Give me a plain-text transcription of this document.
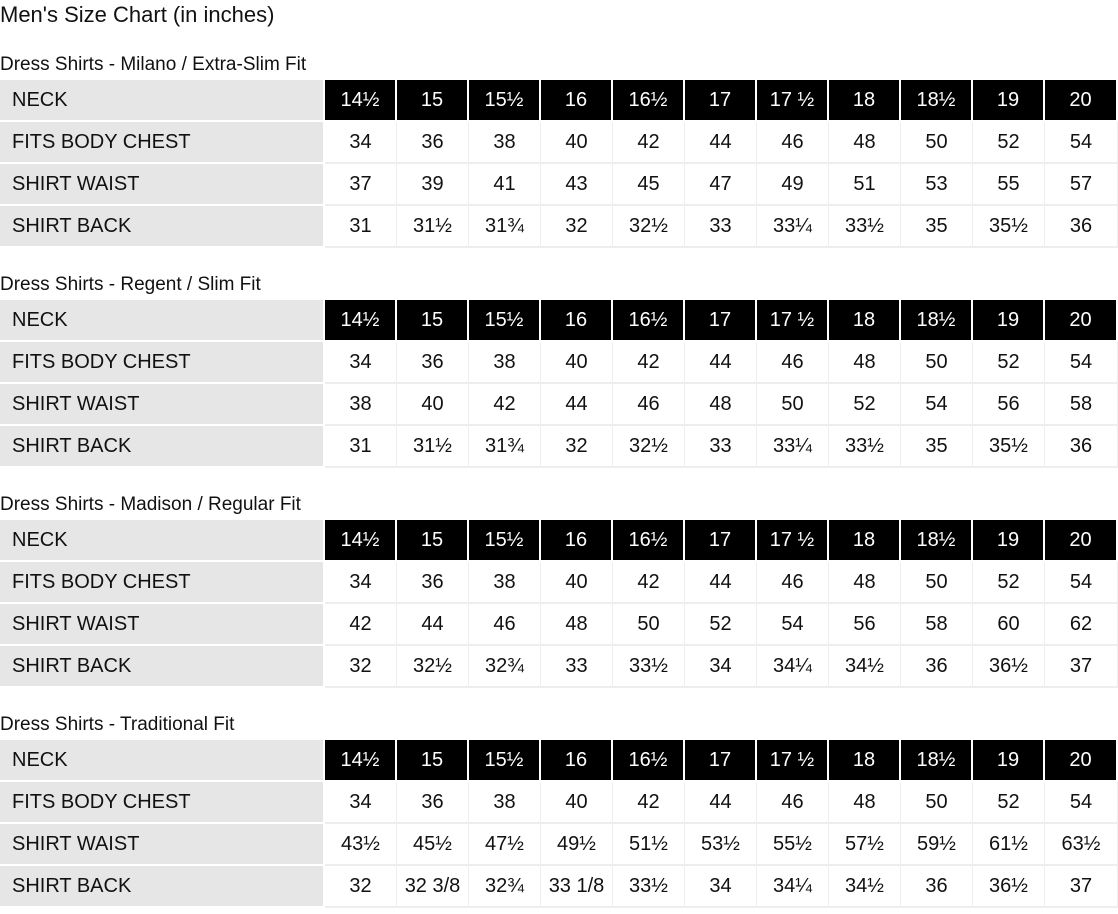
Men's Size Chart (in inches)
Dress Shirts - Milano / Extra-Slim Fit
NECK	14½	15	15½	16	16½	17	17 ½	18	18½	19	20
FITS BODY CHEST	34	36	38	40	42	44	46	48	50	52	54
SHIRT WAIST	37	39	41	43	45	47	49	51	53	55	57
SHIRT BACK	31	31½	31¾	32	32½	33	33¼	33½	35	35½	36
Dress Shirts - Regent / Slim Fit
NECK	14½	15	15½	16	16½	17	17 ½	18	18½	19	20
FITS BODY CHEST	34	36	38	40	42	44	46	48	50	52	54
SHIRT WAIST	38	40	42	44	46	48	50	52	54	56	58
SHIRT BACK	31	31½	31¾	32	32½	33	33¼	33½	35	35½	36
Dress Shirts - Madison / Regular Fit
NECK	14½	15	15½	16	16½	17	17 ½	18	18½	19	20
FITS BODY CHEST	34	36	38	40	42	44	46	48	50	52	54
SHIRT WAIST	42	44	46	48	50	52	54	56	58	60	62
SHIRT BACK	32	32½	32¾	33	33½	34	34¼	34½	36	36½	37
Dress Shirts - Traditional Fit
NECK	14½	15	15½	16	16½	17	17 ½	18	18½	19	20
FITS BODY CHEST	34	36	38	40	42	44	46	48	50	52	54
SHIRT WAIST	43½	45½	47½	49½	51½	53½	55½	57½	59½	61½	63½
SHIRT BACK	32	32 3/8	32¾	33 1/8	33½	34	34¼	34½	36	36½	37
